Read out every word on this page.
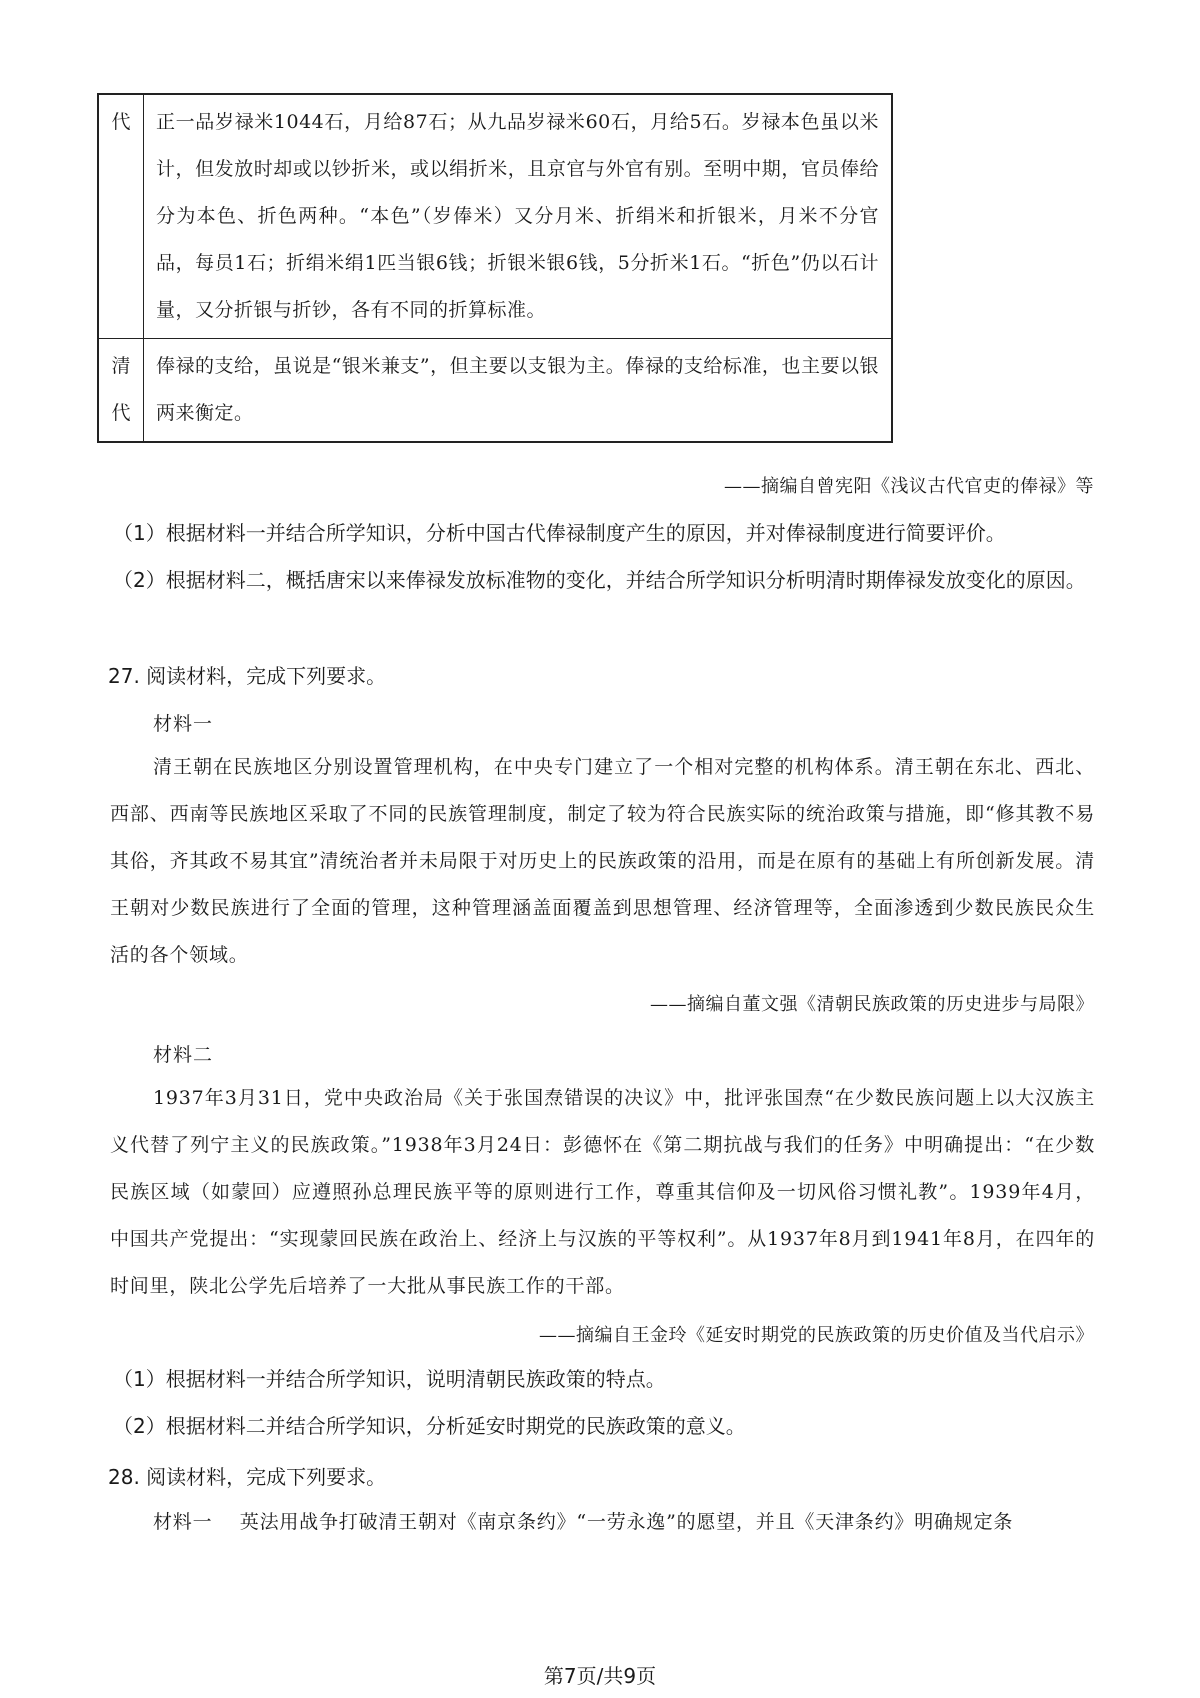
代	正一品岁禄米1044石，月给87石；从九品岁禄米60石，月给5石。岁禄本色虽以米计，但发放时却或以钞折米，或以绢折米，且京官与外官有别。至明中期，官员俸给分为本色、折色两种。“本色”（岁俸米）又分月米、折绢米和折银米，月米不分官品，每员1石；折绢米绢1匹当银6钱；折银米银6钱，5分折米1石。“折色”仍以石计量，又分折银与折钞，各有不同的折算标准。

清
代	俸禄的支给，虽说是“银米兼支”，但主要以支银为主。俸禄的支给标准，也主要以银两来衡定。
——摘编自曾宪阳《浅议古代官吏的俸禄》等
（1）根据材料一并结合所学知识，分析中国古代俸禄制度产生的原因，并对俸禄制度进行简要评价。
（2）根据材料二，概括唐宋以来俸禄发放标准物的变化，并结合所学知识分析明清时期俸禄发放变化的原因。
27. 阅读材料，完成下列要求。
材料一
清王朝在民族地区分别设置管理机构，在中央专门建立了一个相对完整的机构体系。清王朝在东北、西北、西部、西南等民族地区采取了不同的民族管理制度，制定了较为符合民族实际的统治政策与措施，即“修其教不易其俗，齐其政不易其宜”清统治者并未局限于对历史上的民族政策的沿用，而是在原有的基础上有所创新发展。清王朝对少数民族进行了全面的管理，这种管理涵盖面覆盖到思想管理、经济管理等，全面渗透到少数民族民众生活的各个领域。
——摘编自董文强《清朝民族政策的历史进步与局限》
材料二
1937年3月31日，党中央政治局《关于张国焘错误的决议》中，批评张国焘“在少数民族问题上以大汉族主义代替了列宁主义的民族政策。”1938年3月24日：彭德怀在《第二期抗战与我们的任务》中明确提出：“在少数民族区域（如蒙回）应遵照孙总理民族平等的原则进行工作，尊重其信仰及一切风俗习惯礼教”。1939年4月，中国共产党提出：“实现蒙回民族在政治上、经济上与汉族的平等权利”。从1937年8月到1941年8月，在四年的时间里，陕北公学先后培养了一大批从事民族工作的干部。
——摘编自王金玲《延安时期党的民族政策的历史价值及当代启示》
（1）根据材料一并结合所学知识，说明清朝民族政策的特点。
（2）根据材料二并结合所学知识，分析延安时期党的民族政策的意义。
28. 阅读材料，完成下列要求。
材料一 英法用战争打破清王朝对《南京条约》“一劳永逸”的愿望，并且《天津条约》明确规定条
第7页/共9页
